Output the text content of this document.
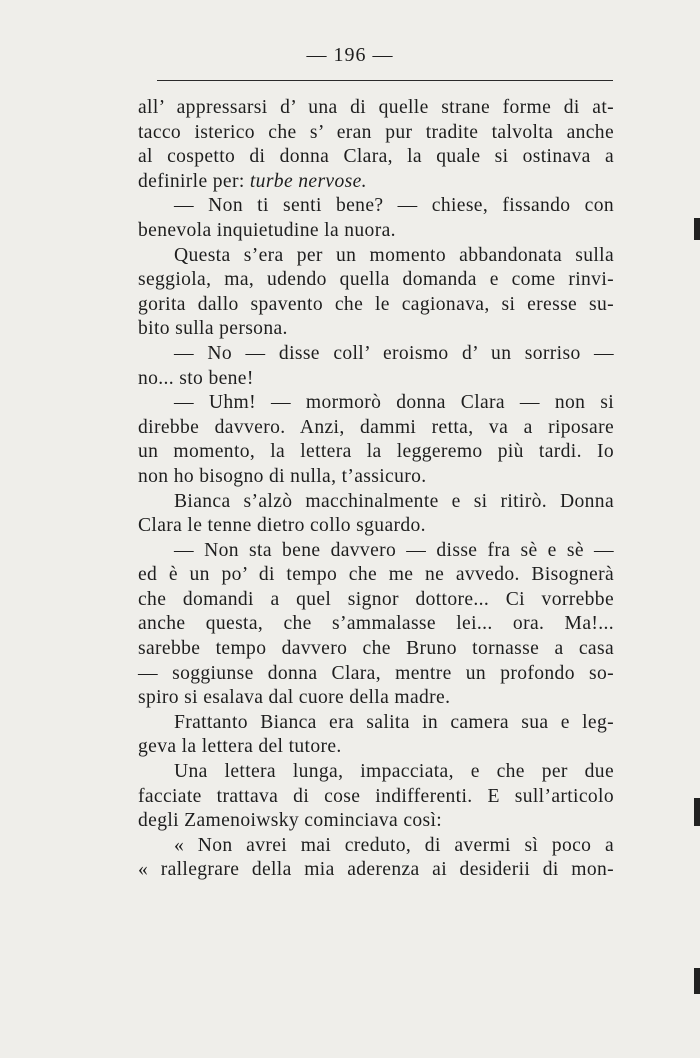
— 196 —
all’ appressarsi d’ una di quelle strane forme di at-
tacco isterico che s’ eran pur tradite talvolta anche
al cospetto di donna Clara, la quale si ostinava a
definirle per: turbe nervose.
— Non ti senti bene? — chiese, fissando con
benevola inquietudine la nuora.
Questa s’era per un momento abbandonata sulla
seggiola, ma, udendo quella domanda e come rinvi-
gorita dallo spavento che le cagionava, si eresse su-
bito sulla persona.
— No — disse coll’ eroismo d’ un sorriso —
no... sto bene!
— Uhm! — mormorò donna Clara — non si
direbbe davvero. Anzi, dammi retta, va a riposare
un momento, la lettera la leggeremo più tardi. Io
non ho bisogno di nulla, t’assicuro.
Bianca s’alzò macchinalmente e si ritirò. Donna
Clara le tenne dietro collo sguardo.
— Non sta bene davvero — disse fra sè e sè —
ed è un po’ di tempo che me ne avvedo. Bisognerà
che domandi a quel signor dottore... Ci vorrebbe
anche questa, che s’ammalasse lei... ora. Ma!...
sarebbe tempo davvero che Bruno tornasse a casa
— soggiunse donna Clara, mentre un profondo so-
spiro si esalava dal cuore della madre.
Frattanto Bianca era salita in camera sua e leg-
geva la lettera del tutore.
Una lettera lunga, impacciata, e che per due
facciate trattava di cose indifferenti. E sull’articolo
degli Zamenoiwsky cominciava così:
« Non avrei mai creduto, di avermi sì poco a
« rallegrare della mia aderenza ai desiderii di mon-
